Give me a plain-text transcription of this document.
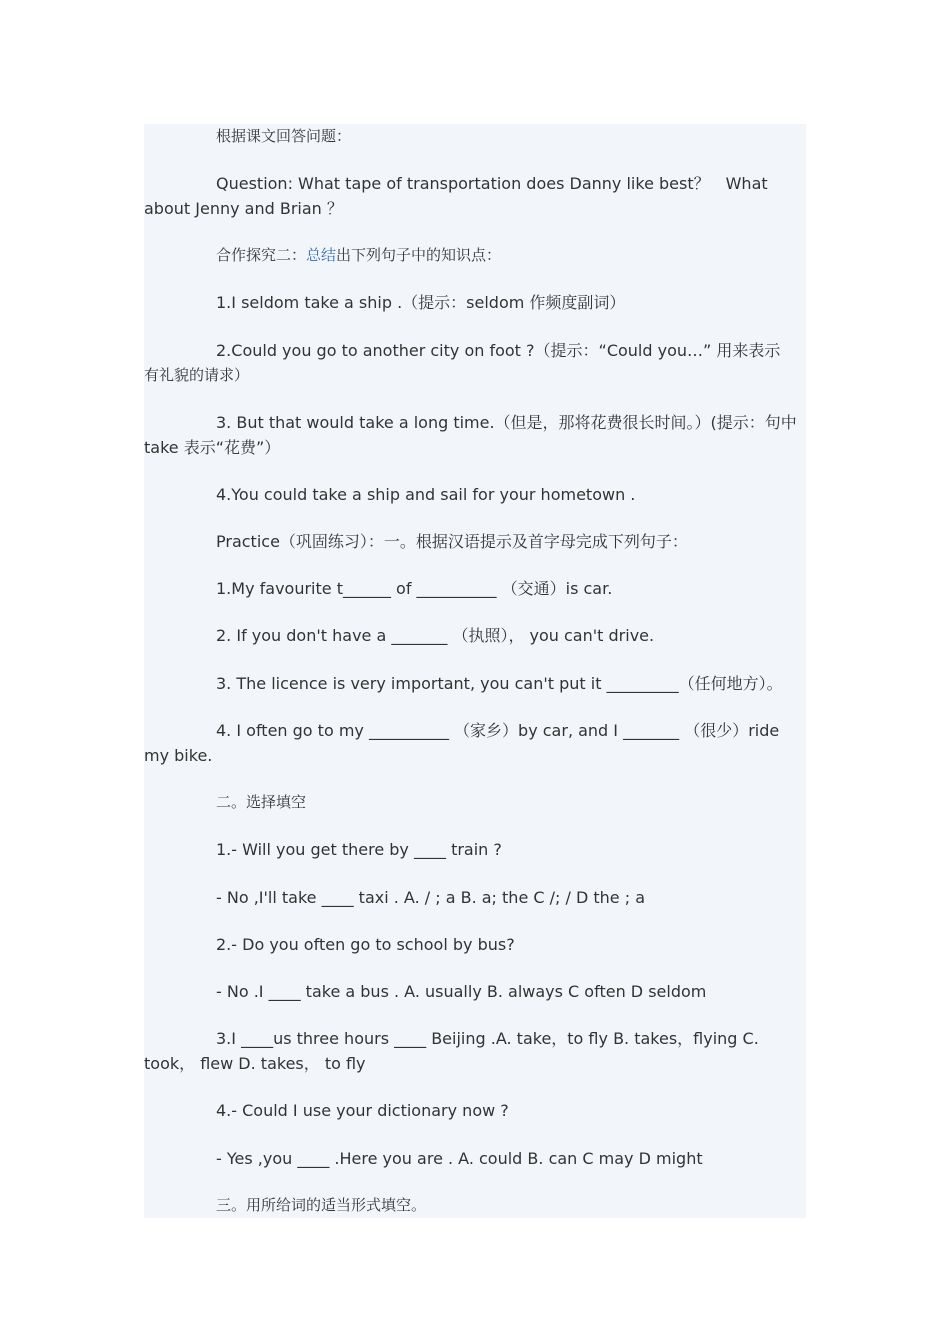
根据课文回答问题：

Question: What tape of transportation does Danny like best？　What

about Jenny and Brian ？

合作探究二：总结出下列句子中的知识点：

1.I seldom take a ship .（提示：seldom 作频度副词）

2.Could you go to another city on foot ?（提示：“Could you…” 用来表示

有礼貌的请求）

3. But that would take a long time.（但是，那将花费很长时间。）(提示：句中

take 表示“花费”）

4.You could take a ship and sail for your hometown .

Practice（巩固练习）：一。根据汉语提示及首字母完成下列句子：

1.My favourite t______ of __________ （交通）is car.

2. If you don't have a _______ （执照）， you can't drive.

3. The licence is very important, you can't put it _________（任何地方）。

4. I often go to my __________ （家乡）by car, and I _______ （很少）ride

my bike.

二。选择填空

1.- Will you get there by ____ train ?

- No ,I'll take ____ taxi . A. / ; a B. a; the C /; / D the ; a

2.- Do you often go to school by bus?

- No .I ____ take a bus . A. usually B. always C often D seldom

3.I ____us three hours ____ Beijing .A. take，to fly B. takes，flying C.

took， flew D. takes， to fly

4.- Could I use your dictionary now ?

- Yes ,you ____ .Here you are . A. could B. can C may D might

三。用所给词的适当形式填空。
